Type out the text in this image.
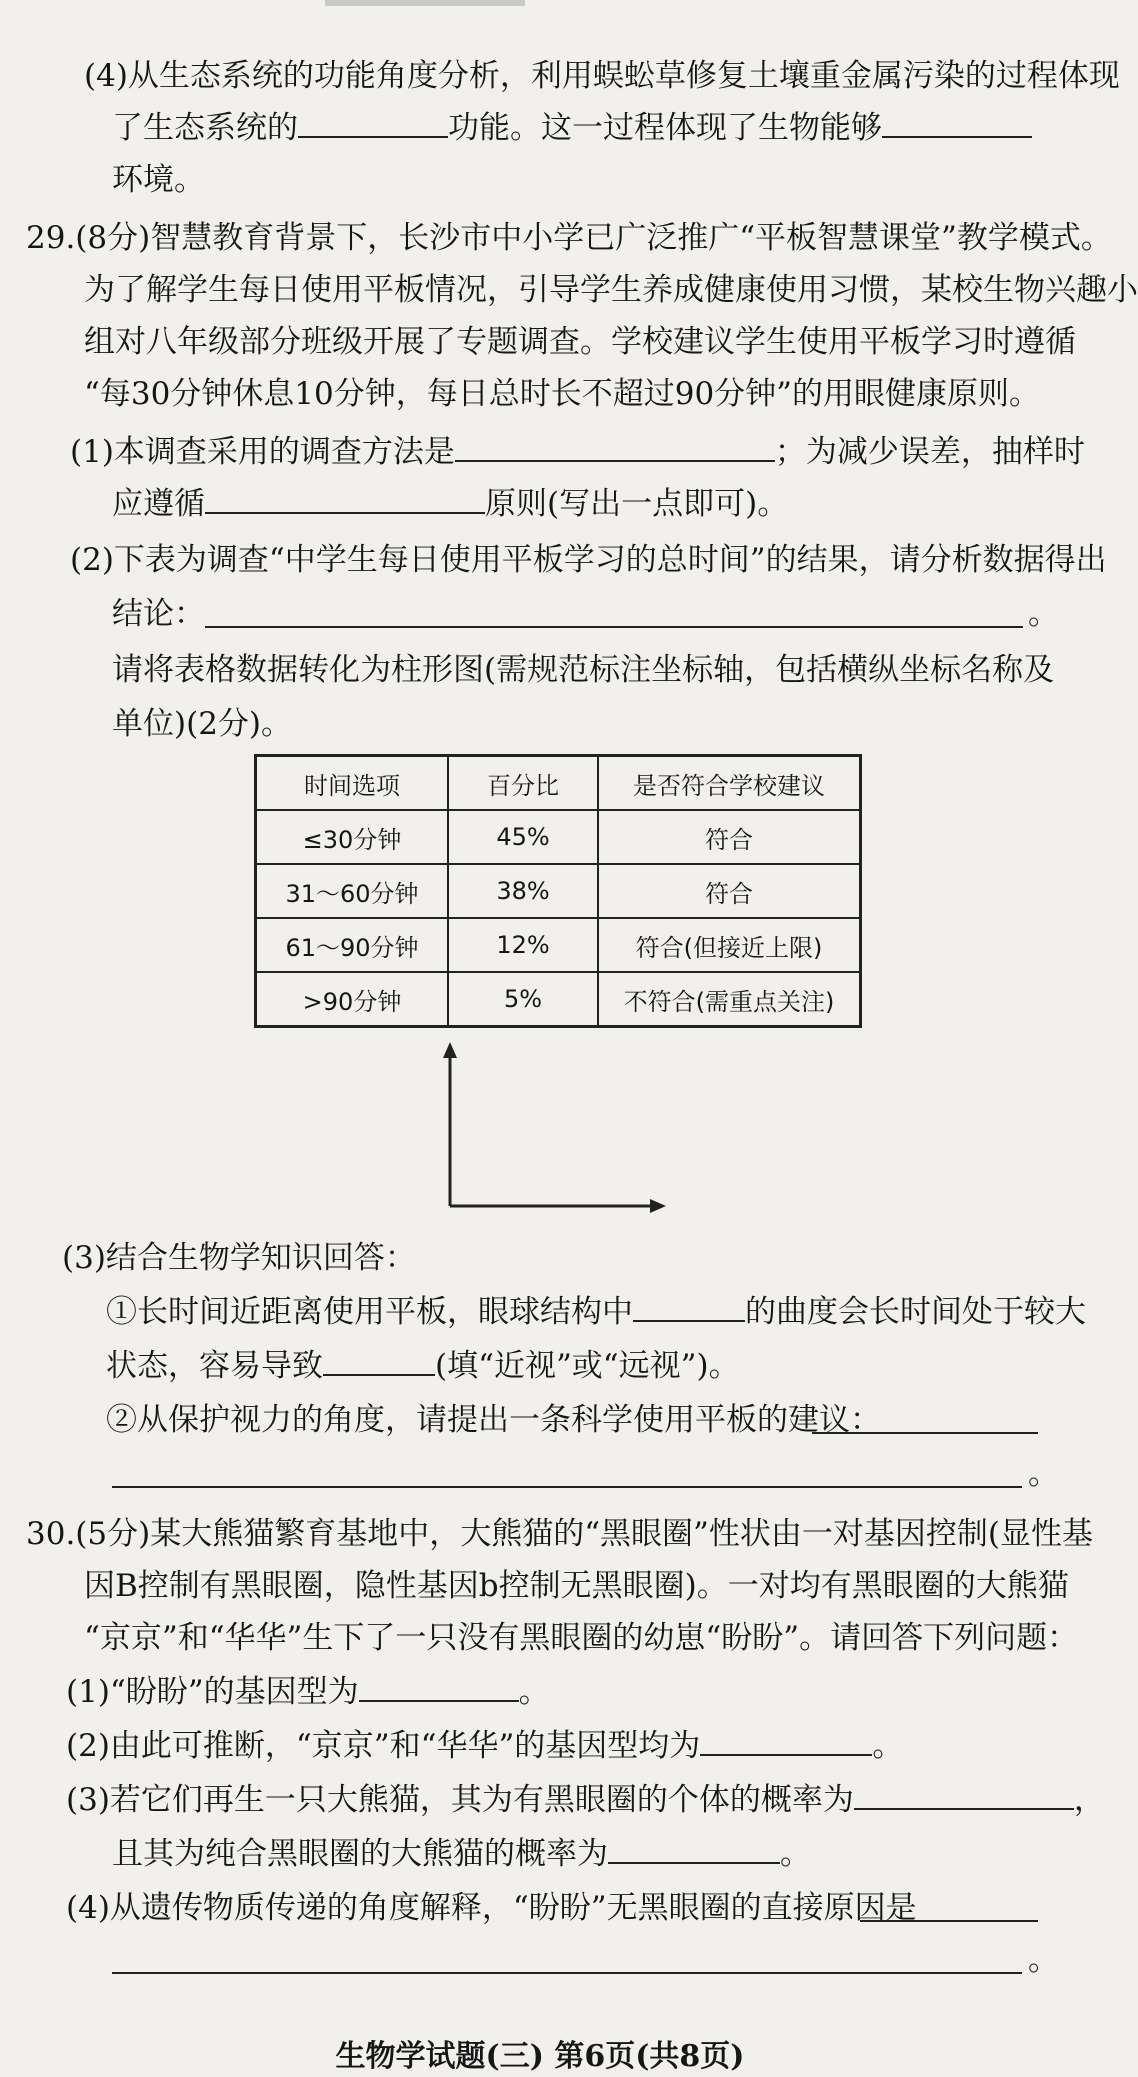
(4)从生态系统的功能角度分析，利用蜈蚣草修复土壤重金属污染的过程体现
了生态系统的	功能。这一过程体现了生物能够
环境。
29.(8分)智慧教育背景下，长沙市中小学已广泛推广“平板智慧课堂”教学模式。
为了解学生每日使用平板情况，引导学生养成健康使用习惯，某校生物兴趣小
组对八年级部分班级开展了专题调查。学校建议学生使用平板学习时遵循
“每30分钟休息10分钟，每日总时长不超过90分钟”的用眼健康原则。
(1)本调查采用的调查方法是	；为减少误差，抽样时
应遵循	原则(写出一点即可)。
(2)下表为调查“中学生每日使用平板学习的总时间”的结果，请分析数据得出
结论：	。
请将表格数据转化为柱形图(需规范标注坐标轴，包括横纵坐标名称及
单位)(2分)。
时间选项	百分比	是否符合学校建议
≤30分钟	45%	符合
31～60分钟	38%	符合
61～90分钟	12%	符合(但接近上限)
>90分钟	5%	不符合(需重点关注)
(3)结合生物学知识回答：
①长时间近距离使用平板，眼球结构中	的曲度会长时间处于较大
状态，容易导致	(填“近视”或“远视”)。
②从保护视力的角度，请提出一条科学使用平板的建议：
。
30.(5分)某大熊猫繁育基地中，大熊猫的“黑眼圈”性状由一对基因控制(显性基
因B控制有黑眼圈，隐性基因b控制无黑眼圈)。一对均有黑眼圈的大熊猫
“京京”和“华华”生下了一只没有黑眼圈的幼崽“盼盼”。请回答下列问题：
(1)“盼盼”的基因型为	。
(2)由此可推断，“京京”和“华华”的基因型均为	。
(3)若它们再生一只大熊猫，其为有黑眼圈的个体的概率为	，
且其为纯合黑眼圈的大熊猫的概率为	。
(4)从遗传物质传递的角度解释，“盼盼”无黑眼圈的直接原因是
。
生物学试题(三) 第6页(共8页)
